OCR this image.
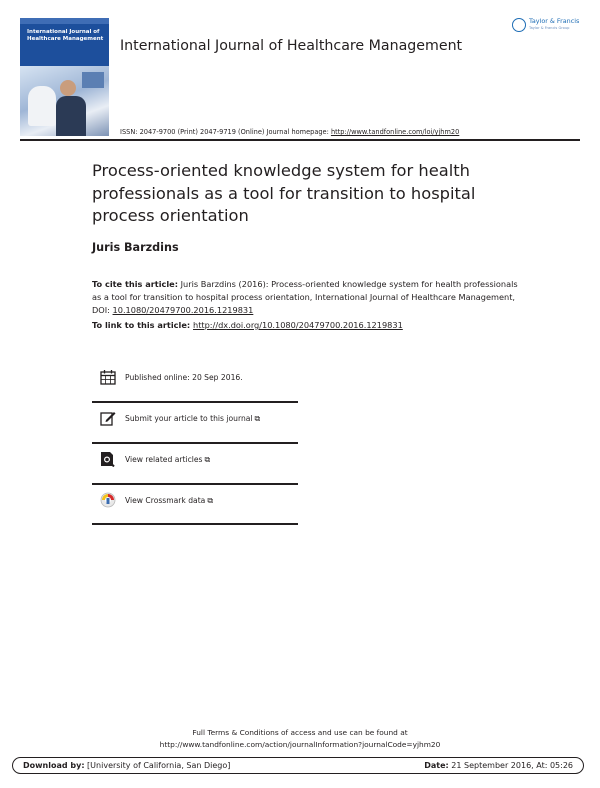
International Journal of
Healthcare Management International Journal of Healthcare Management
Taylor & Francis
Taylor & Francis Group
ISSN: 2047-9700 (Print) 2047-9719 (Online) Journal homepage: http://www.tandfonline.com/loi/yjhm20
Process-oriented knowledge system for health professionals as a tool for transition to hospital process orientation
Juris Barzdins
To cite this article: Juris Barzdins (2016): Process-oriented knowledge system for health professionals as a tool for transition to hospital process orientation, International Journal of Healthcare Management, DOI: 10.1080/20479700.2016.1219831
To link to this article: http://dx.doi.org/10.1080/20479700.2016.1219831
Published online: 20 Sep 2016.
Submit your article to this journal ⧉
View related articles ⧉
View Crossmark data ⧉
Full Terms & Conditions of access and use can be found at
http://www.tandfonline.com/action/journalInformation?journalCode=yjhm20
Download by: [University of California, San Diego]	Date: 21 September 2016, At: 05:26
